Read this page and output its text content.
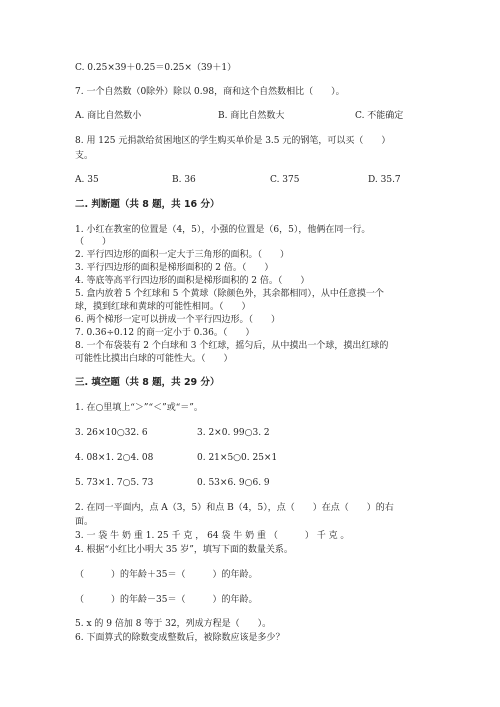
C. 0.25×39＋0.25＝0.25×（39＋1）
7. 一个自然数（0除外）除以 0.98，商和这个自然数相比（　　）。
A. 商比自然数小	B. 商比自然数大	C. 不能确定
8. 用 125 元捐款给贫困地区的学生购买单价是 3.5 元的钢笔，可以买（　　）
支。
A. 35	B. 36	C. 375	D. 35.7
二. 判断题（共 8 题，共 16 分）
1. 小红在教室的位置是（4，5），小强的位置是（6，5），他俩在同一行。
（　　）
2. 平行四边形的面积一定大于三角形的面积。（　　）
3. 平行四边形的面积是梯形面积的 2 倍。（　　）
4. 等底等高平行四边形的面积是梯形面积的 2 倍。（　　）
5. 盒内放着 5 个红球和 5 个黄球（除颜色外，其余都相同），从中任意摸一个
球，摸到红球和黄球的可能性相同。（　　）
6. 两个梯形一定可以拼成一个平行四边形。（　　）
7. 0.36÷0.12 的商一定小于 0.36。（　　）
8. 一个布袋装有 2 个白球和 3 个红球，摇匀后，从中摸出一个球，摸出红球的
可能性比摸出白球的可能性大。（　　）
三. 填空题（共 8 题，共 29 分）
1. 在○里填上“＞”“＜”或“＝”。
3. 26×10○32. 6	3. 2×0. 99○3. 2
4. 08×1. 2○4. 08	0. 21×5○0. 25×1
5. 73×1. 7○5. 73	0. 53×6. 9○6. 9
2. 在同一平面内，点 A（3，5）和点 B（4，5），点（　　）在点（　　）的右
面。
3. 一 袋 牛 奶 重 1. 25 千 克 ， 64 袋 牛 奶 重 （　　　） 千 克 。
4. 根据“小红比小明大 35 岁”，填写下面的数量关系。
（　　　）的年龄＋35＝（　　　）的年龄。
（　　　）的年龄－35＝（　　　）的年龄。
5. x 的 9 倍加 8 等于 32，列成方程是（　　）。
6. 下面算式的除数变成整数后，被除数应该是多少？
